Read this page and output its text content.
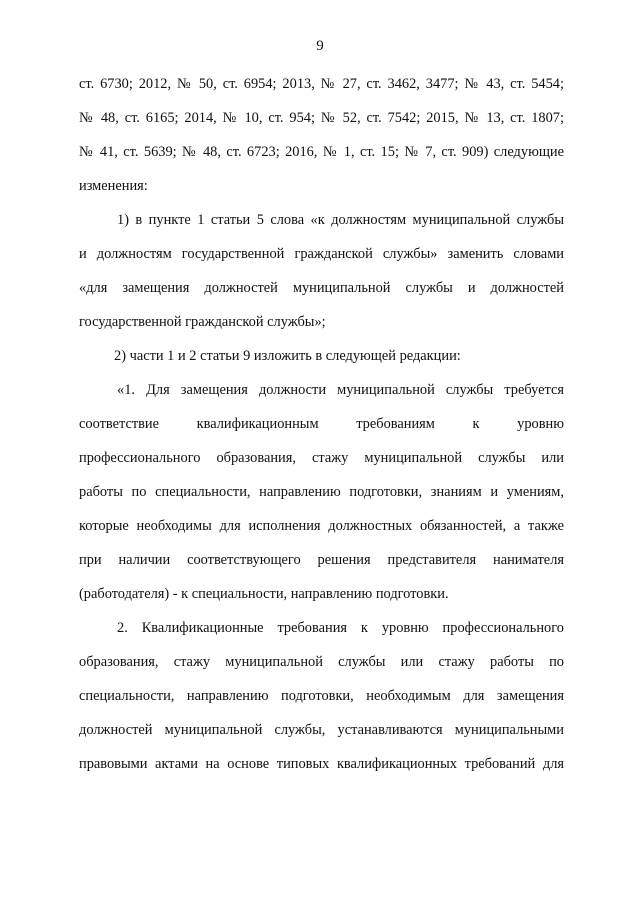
9
ст. 6730; 2012, № 50, ст. 6954; 2013, № 27, ст. 3462, 3477; № 43, ст. 5454;
№ 48, ст. 6165; 2014, № 10, ст. 954; № 52, ст. 7542; 2015, № 13, ст. 1807;
№ 41, ст. 5639; № 48, ст. 6723; 2016, № 1, ст. 15; № 7, ст. 909) следующие
изменения:
1) в пункте 1 статьи 5 слова «к должностям муниципальной службы
и должностям государственной гражданской службы» заменить словами
«для замещения должностей муниципальной службы и должностей
государственной гражданской службы»;
2) части 1 и 2 статьи 9 изложить в следующей редакции:
«1. Для замещения должности муниципальной службы требуется
соответствие квалификационным требованиям к уровню
профессионального образования, стажу муниципальной службы или
работы по специальности, направлению подготовки, знаниям и умениям,
которые необходимы для исполнения должностных обязанностей, а также
при наличии соответствующего решения представителя нанимателя
(работодателя) - к специальности, направлению подготовки.
2. Квалификационные требования к уровню профессионального
образования, стажу муниципальной службы или стажу работы по
специальности, направлению подготовки, необходимым для замещения
должностей муниципальной службы, устанавливаются муниципальными
правовыми актами на основе типовых квалификационных требований для
